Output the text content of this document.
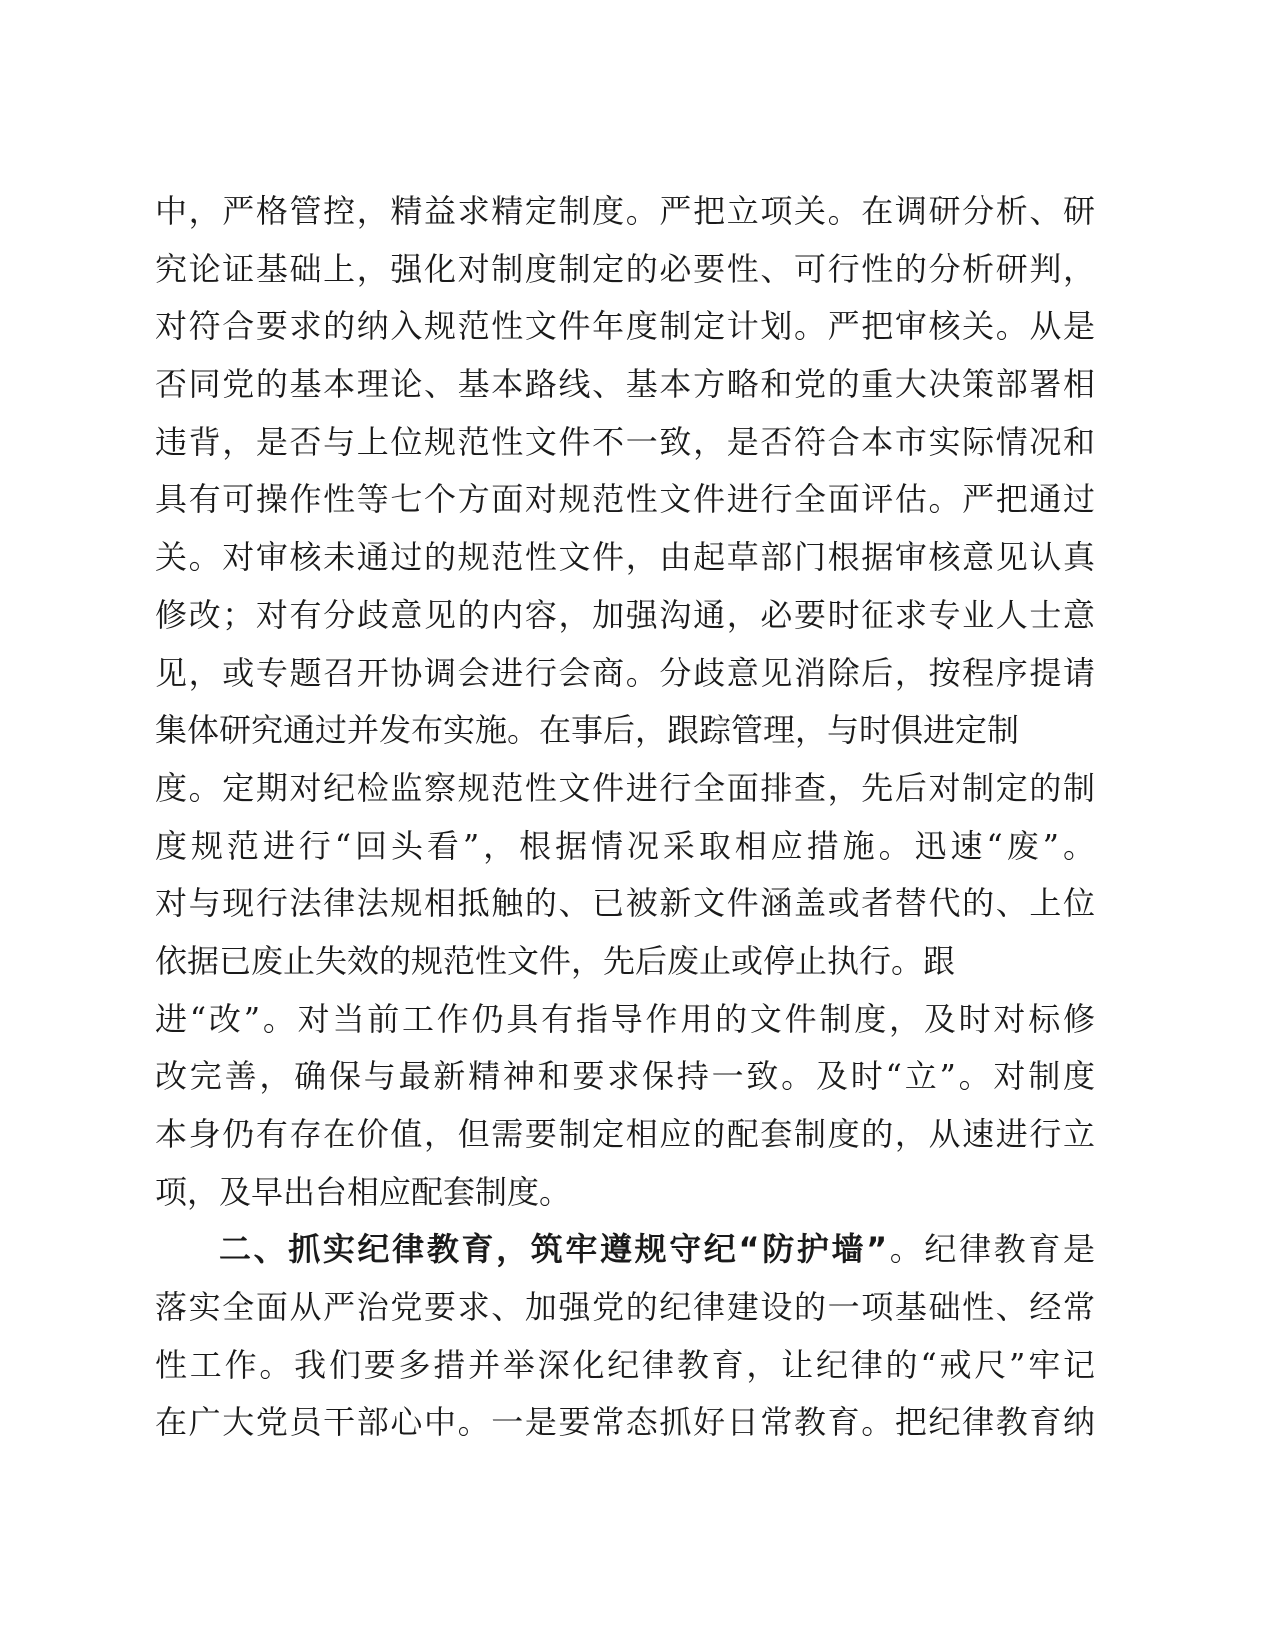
中，严格管控，精益求精定制度。严把立项关。在调研分析、研
究论证基础上，强化对制度制定的必要性、可行性的分析研判，
对符合要求的纳入规范性文件年度制定计划。严把审核关。从是
否同党的基本理论、基本路线、基本方略和党的重大决策部署相
违背，是否与上位规范性文件不一致，是否符合本市实际情况和
具有可操作性等七个方面对规范性文件进行全面评估。严把通过
关。对审核未通过的规范性文件，由起草部门根据审核意见认真
修改；对有分歧意见的内容，加强沟通，必要时征求专业人士意
见，或专题召开协调会进行会商。分歧意见消除后，按程序提请
集体研究通过并发布实施。在事后，跟踪管理，与时俱进定制
度。定期对纪检监察规范性文件进行全面排查，先后对制定的制
度规范进行“回头看”，根据情况采取相应措施。迅速“废”。
对与现行法律法规相抵触的、已被新文件涵盖或者替代的、上位
依据已废止失效的规范性文件，先后废止或停止执行。跟
进“改”。对当前工作仍具有指导作用的文件制度，及时对标修
改完善，确保与最新精神和要求保持一致。及时“立”。对制度
本身仍有存在价值，但需要制定相应的配套制度的，从速进行立
项，及早出台相应配套制度。
二、抓实纪律教育，筑牢遵规守纪“防护墙”。纪律教育是
落实全面从严治党要求、加强党的纪律建设的一项基础性、经常
性工作。我们要多措并举深化纪律教育，让纪律的“戒尺”牢记
在广大党员干部心中。一是要常态抓好日常教育。把纪律教育纳
